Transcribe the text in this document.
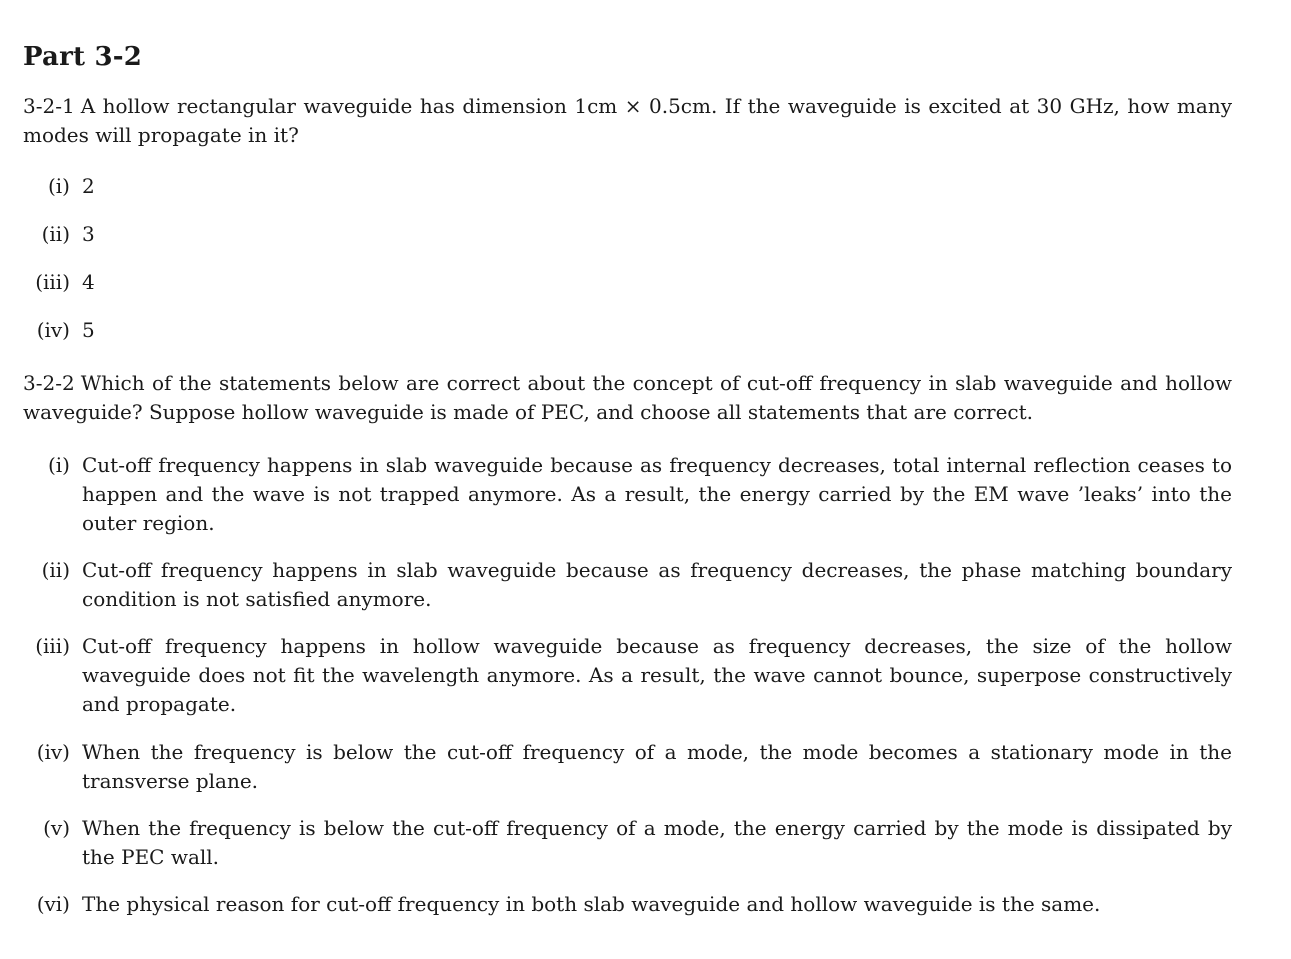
Part 3-2

3-2-1 A hollow rectangular waveguide has dimension 1cm × 0.5cm. If the waveguide is excited at 30 GHz, how many modes will propagate in it?

(i) 2
(ii) 3
(iii) 4
(iv) 5

3-2-2 Which of the statements below are correct about the concept of cut-off frequency in slab waveguide and hollow waveguide? Suppose hollow waveguide is made of PEC, and choose all statements that are correct.

(i) Cut-off frequency happens in slab waveguide because as frequency decreases, total internal reflection ceases to happen and the wave is not trapped anymore. As a result, the energy carried by the EM wave ’leaks’ into the outer region.
(ii) Cut-off frequency happens in slab waveguide because as frequency decreases, the phase matching boundary condition is not satisfied anymore.
(iii) Cut-off frequency happens in hollow waveguide because as frequency decreases, the size of the hollow waveguide does not fit the wavelength anymore. As a result, the wave cannot bounce, superpose constructively and propagate.
(iv) When the frequency is below the cut-off frequency of a mode, the mode becomes a stationary mode in the transverse plane.
(v) When the frequency is below the cut-off frequency of a mode, the energy carried by the mode is dissipated by the PEC wall.
(vi) The physical reason for cut-off frequency in both slab waveguide and hollow waveguide is the same.
